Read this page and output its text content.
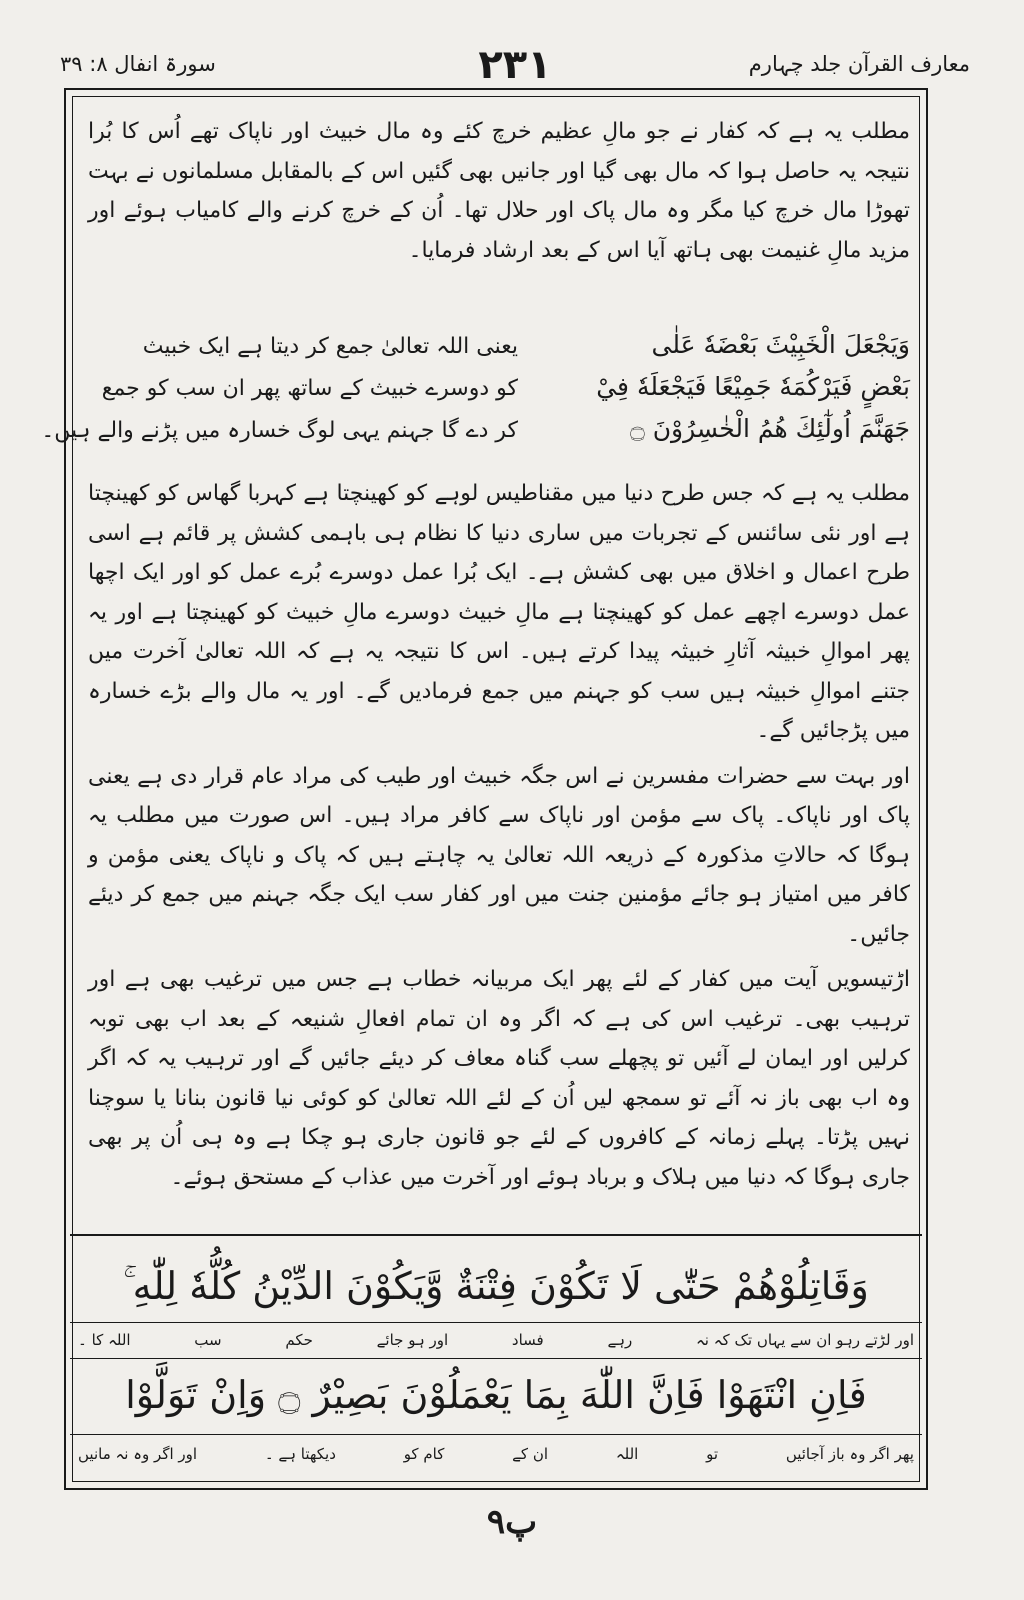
معارف القرآن جلد چہارم
۲۳۱
سورۃ انفال ۸: ۳۹

مطلب یہ ہے کہ کفار نے جو مالِ عظیم خرچ کئے وہ مال خبیث اور ناپاک تھے اُس کا بُرا نتیجہ یہ حاصل ہوا کہ مال بھی گیا اور جانیں بھی گئیں اس کے بالمقابل مسلمانوں نے بہت تھوڑا مال خرچ کیا مگر وہ مال پاک اور حلال تھا۔ اُن کے خرچ کرنے والے کامیاب ہوئے اور مزید مالِ غنیمت بھی ہاتھ آیا اس کے بعد ارشاد فرمایا۔

وَيَجْعَلَ الْخَبِيْثَ بَعْضَهٗ عَلٰى
بَعْضٍ فَيَرْكُمَهٗ جَمِيْعًا فَيَجْعَلَهٗ فِيْ
جَهَنَّمَ اُولٰٓئِكَ هُمُ الْخٰسِرُوْنَ ۝
یعنی اللہ تعالیٰ جمع کر دیتا ہے ایک خبیث
کو دوسرے خبیث کے ساتھ پھر ان سب کو جمع
کر دے گا جہنم یہی لوگ خسارہ میں پڑنے والے ہیں۔

مطلب یہ ہے کہ جس طرح دنیا میں مقناطیس لوہے کو کھینچتا ہے کہربا گھاس کو کھینچتا ہے اور نئی سائنس کے تجربات میں ساری دنیا کا نظام ہی باہمی کشش پر قائم ہے اسی طرح اعمال و اخلاق میں بھی کشش ہے۔ ایک بُرا عمل دوسرے بُرے عمل کو اور ایک اچھا عمل دوسرے اچھے عمل کو کھینچتا ہے مالِ خبیث دوسرے مالِ خبیث کو کھینچتا ہے اور یہ پھر اموالِ خبیثہ آثارِ خبیثہ پیدا کرتے ہیں۔ اس کا نتیجہ یہ ہے کہ اللہ تعالیٰ آخرت میں جتنے اموالِ خبیثہ ہیں سب کو جہنم میں جمع فرمادیں گے۔ اور یہ مال والے بڑے خسارہ میں پڑجائیں گے۔

اور بہت سے حضرات مفسرین نے اس جگہ خبیث اور طیب کی مراد عام قرار دی ہے یعنی پاک اور ناپاک۔ پاک سے مؤمن اور ناپاک سے کافر مراد ہیں۔ اس صورت میں مطلب یہ ہوگا کہ حالاتِ مذکورہ کے ذریعہ اللہ تعالیٰ یہ چاہتے ہیں کہ پاک و ناپاک یعنی مؤمن و کافر میں امتیاز ہو جائے مؤمنین جنت میں اور کفار سب ایک جگہ جہنم میں جمع کر دیئے جائیں۔

اڑتیسویں آیت میں کفار کے لئے پھر ایک مربیانہ خطاب ہے جس میں ترغیب بھی ہے اور ترہیب بھی۔ ترغیب اس کی ہے کہ اگر وہ ان تمام افعالِ شنیعہ کے بعد اب بھی توبہ کرلیں اور ایمان لے آئیں تو پچھلے سب گناہ معاف کر دیئے جائیں گے اور ترہیب یہ کہ اگر وہ اب بھی باز نہ آئے تو سمجھ لیں اُن کے لئے اللہ تعالیٰ کو کوئی نیا قانون بنانا یا سوچنا نہیں پڑتا۔ پہلے زمانہ کے کافروں کے لئے جو قانون جاری ہو چکا ہے وہ ہی اُن پر بھی جاری ہوگا کہ دنیا میں ہلاک و برباد ہوئے اور آخرت میں عذاب کے مستحق ہوئے۔

وَقَاتِلُوْهُمْ حَتّٰى لَا تَكُوْنَ فِتْنَةٌ وَّيَكُوْنَ الدِّيْنُ كُلُّهٗ لِلّٰهِ ۚ
اور لڑتے رہو ان سے یہاں تک کہ نہ
رہے
فساد
اور ہو جائے
حکم
سب
اللہ کا ۔
فَاِنِ انْتَهَوْا فَاِنَّ اللّٰهَ بِمَا يَعْمَلُوْنَ بَصِيْرٌ ۝ وَاِنْ تَوَلَّوْا
پھر اگر وہ باز آجائیں
تو
اللہ
ان کے
کام کو
دیکھتا ہے ۔
اور اگر وہ نہ مانیں
۹پ
